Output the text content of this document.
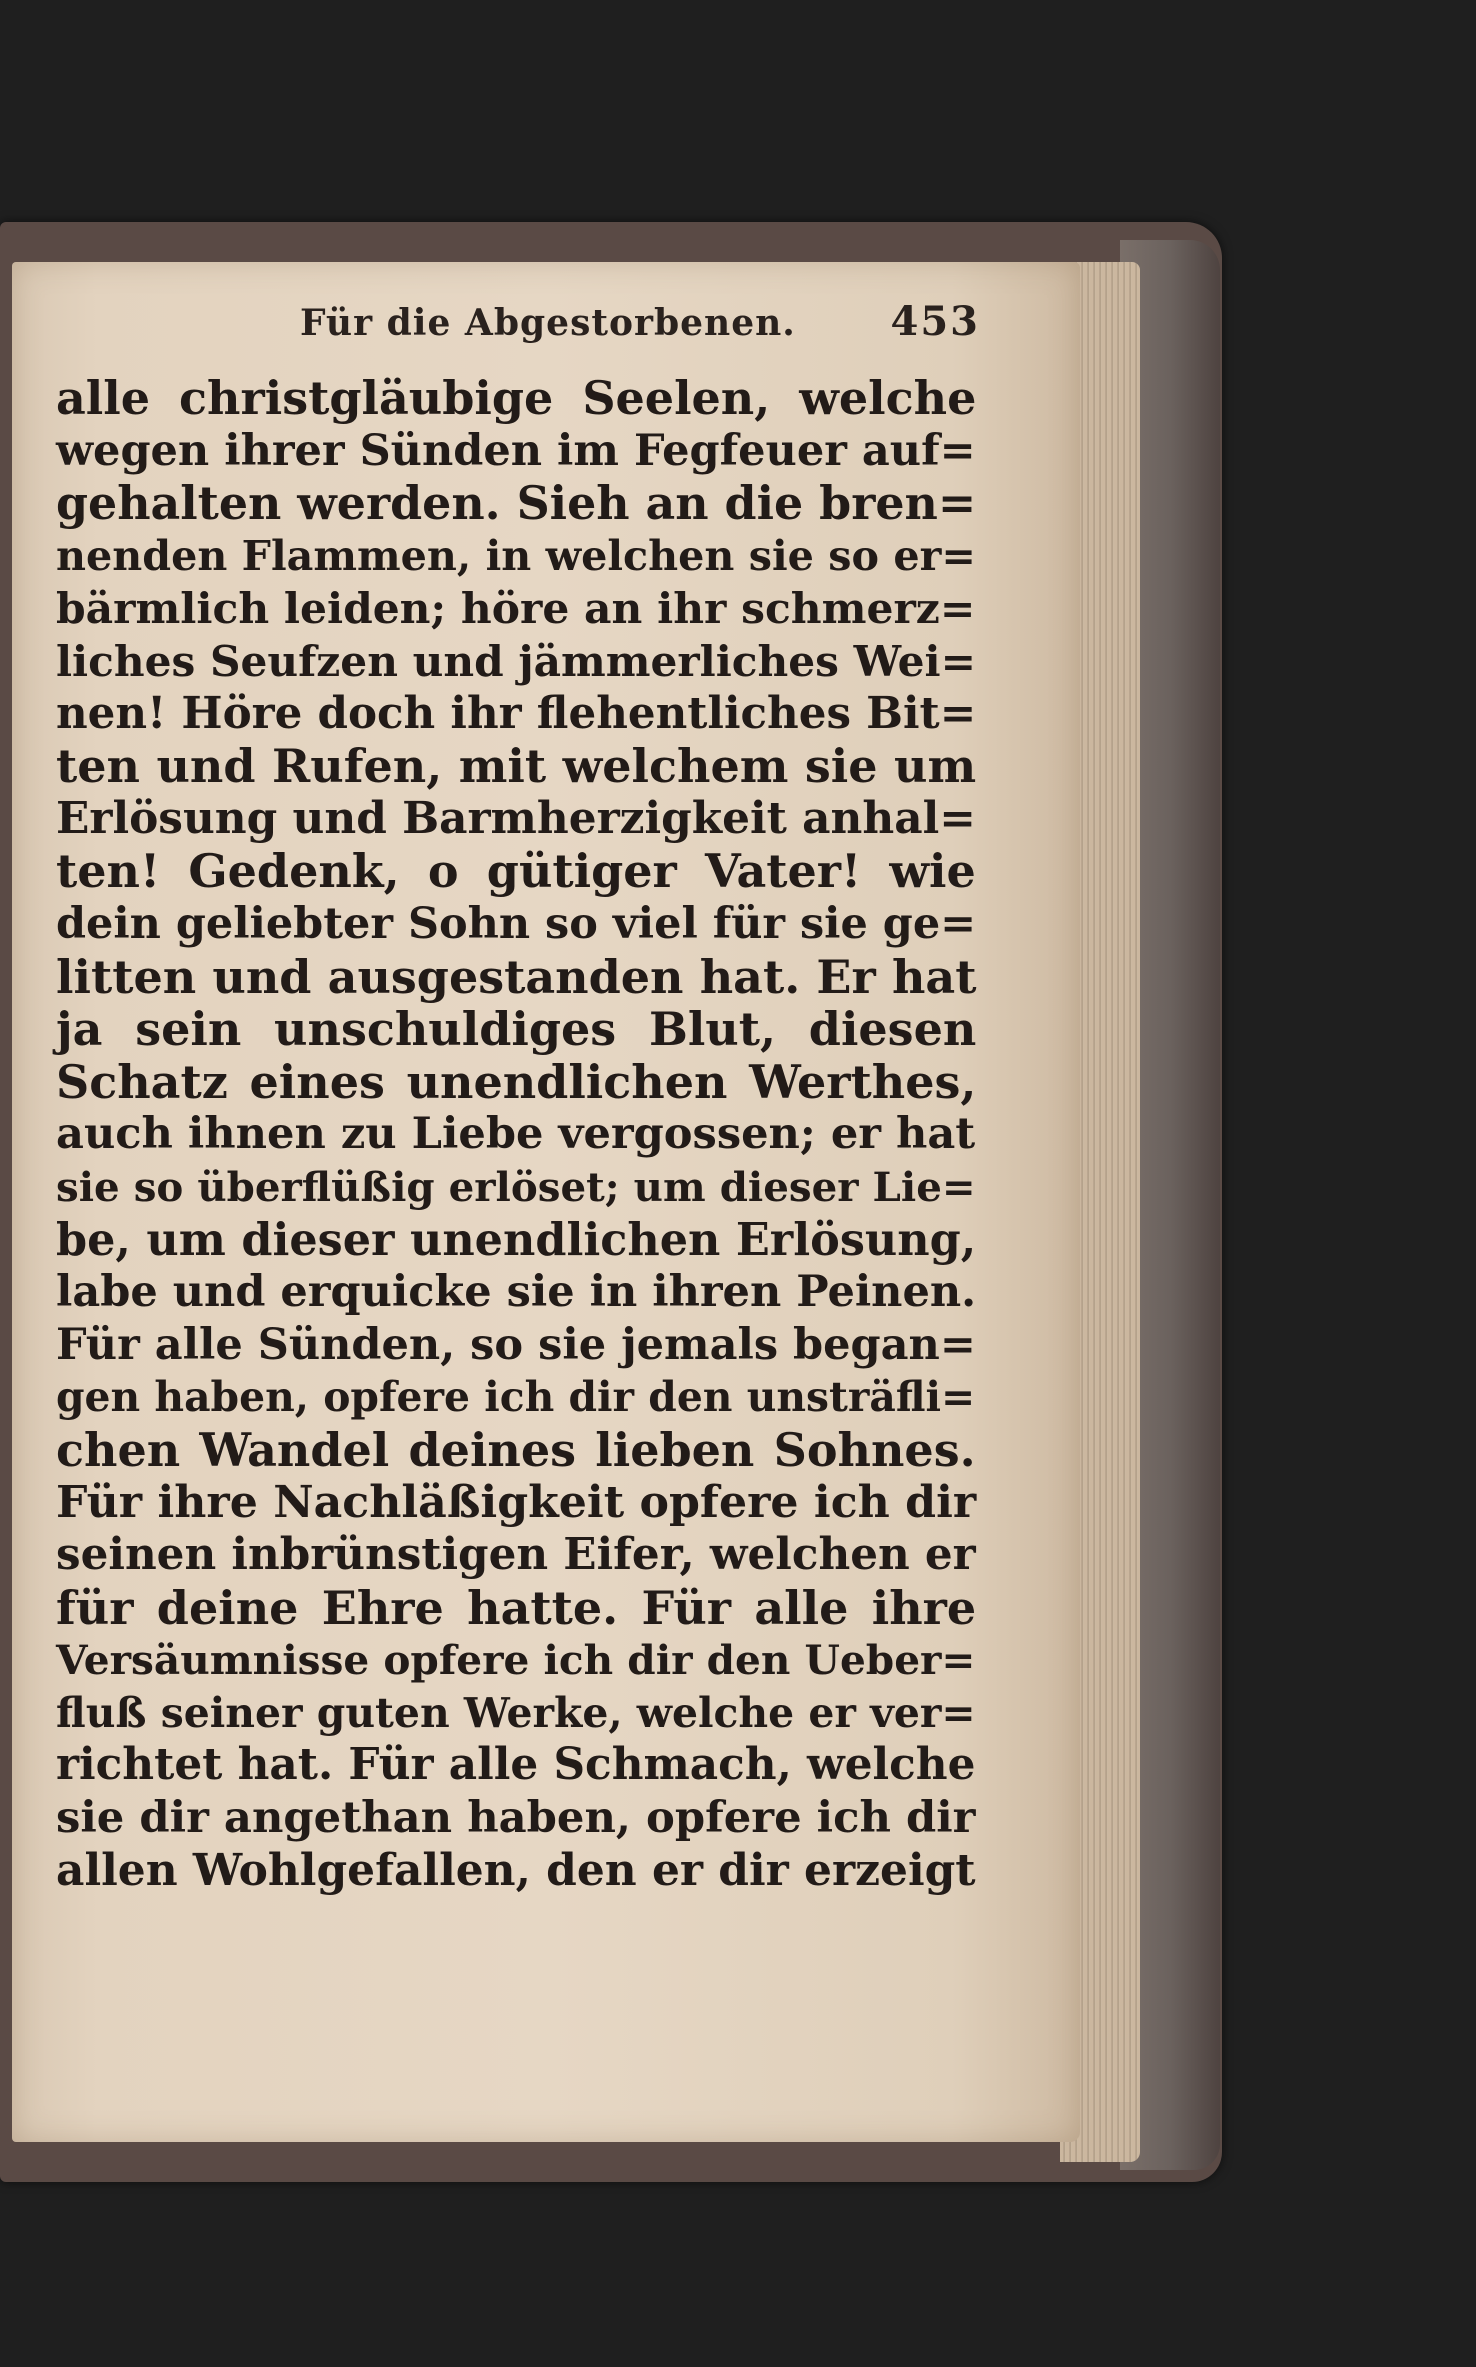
Für die Abgestorbenen. 453
alle christgläubige Seelen, welche
wegen ihrer Sünden im Fegfeuer auf=
gehalten werden. Sieh an die bren=
nenden Flammen, in welchen sie so er=
bärmlich leiden; höre an ihr schmerz=
liches Seufzen und jämmerliches Wei=
nen! Höre doch ihr flehentliches Bit=
ten und Rufen, mit welchem sie um
Erlösung und Barmherzigkeit anhal=
ten! Gedenk, o gütiger Vater! wie
dein geliebter Sohn so viel für sie ge=
litten und ausgestanden hat. Er hat
ja sein unschuldiges Blut, diesen
Schatz eines unendlichen Werthes,
auch ihnen zu Liebe vergossen; er hat
sie so überflüßig erlöset; um dieser Lie=
be, um dieser unendlichen Erlösung,
labe und erquicke sie in ihren Peinen.
Für alle Sünden, so sie jemals began=
gen haben, opfere ich dir den unsträfli=
chen Wandel deines lieben Sohnes.
Für ihre Nachläßigkeit opfere ich dir
seinen inbrünstigen Eifer, welchen er
für deine Ehre hatte. Für alle ihre
Versäumnisse opfere ich dir den Ueber=
fluß seiner guten Werke, welche er ver=
richtet hat. Für alle Schmach, welche
sie dir angethan haben, opfere ich dir
allen Wohlgefallen, den er dir erzeigt
